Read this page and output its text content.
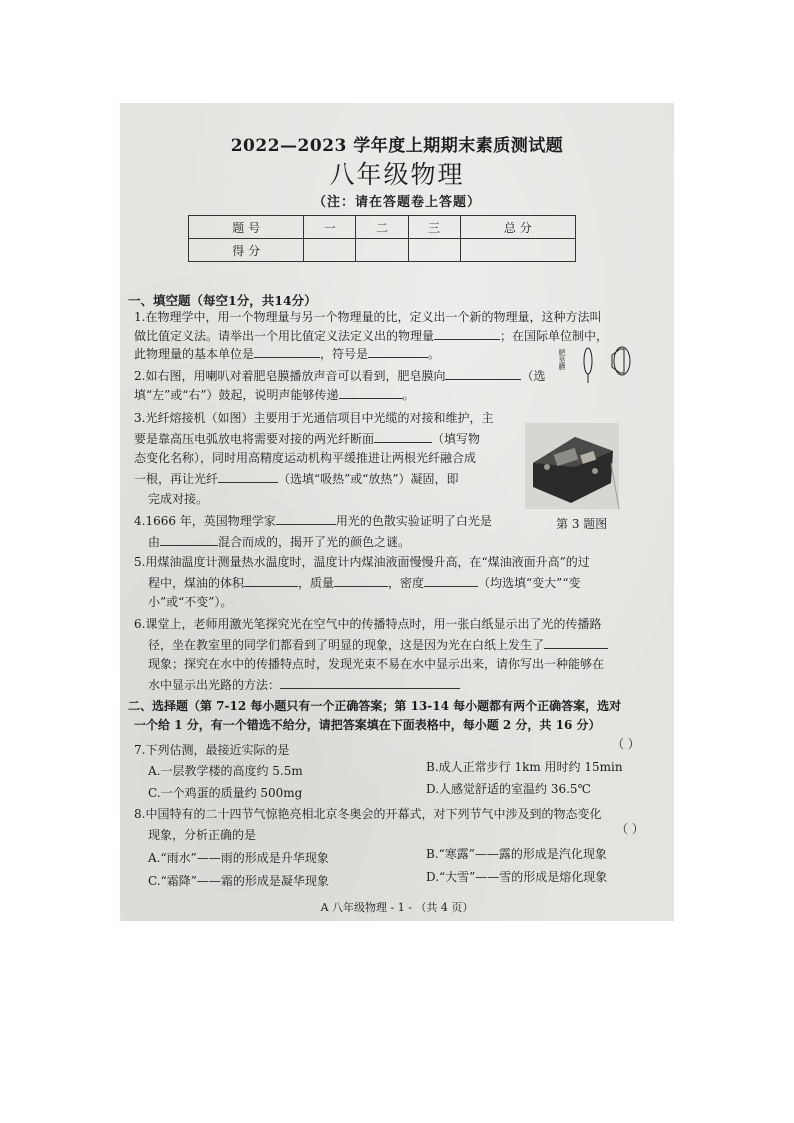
2022—2023 学年度上期期末素质测试题
八年级物理
（注：请在答题卷上答题）
题 号	一	二	三	总 分
得 分				
一、填空题（每空1分，共14分）
1.在物理学中，用一个物理量与另一个物理量的比，定义出一个新的物理量，这种方法叫
做比值定义法。请举出一个用比值定义法定义出的物理量	；在国际单位制中，
此物理量的基本单位是	，符号是	。
2.如右图，用喇叭对着肥皂膜播放声音可以看到，肥皂膜向	（选
填“左”或“右”）鼓起，说明声能够传递	。
肥皂膜
3.光纤熔接机（如图）主要用于光通信项目中光缆的对接和维护，主
要是靠高压电弧放电将需要对接的两光纤断面	（填写物
态变化名称），同时用高精度运动机构平缓推进让两根光纤融合成
一根，再让光纤	（选填“吸热”或“放热”）凝固，即
完成对接。
第 3 题图
4.1666 年，英国物理学家	用光的色散实验证明了白光是
由	混合而成的，揭开了光的颜色之谜。
5.用煤油温度计测量热水温度时，温度计内煤油液面慢慢升高，在“煤油液面升高”的过
程中，煤油的体积	，质量	，密度	（均选填“变大”“变
小”或“不变”）。
6.课堂上，老师用激光笔探究光在空气中的传播特点时，用一张白纸显示出了光的传播路
径，坐在教室里的同学们都看到了明显的现象，这是因为光在白纸上发生了
现象；探究在水中的传播特点时，发现光束不易在水中显示出来，请你写出一种能够在
水中显示出光路的方法：
二、选择题（第 7-12 每小题只有一个正确答案；第 13-14 每小题都有两个正确答案，选对
一个给 1 分，有一个错选不给分，请把答案填在下面表格中，每小题 2 分，共 16 分）
7.下列估测，最接近实际的是	（ ）
A.一层教学楼的高度约 5.5m	B.成人正常步行 1km 用时约 15min
C.一个鸡蛋的质量约 500mg	D.人感觉舒适的室温约 36.5℃
8.中国特有的二十四节气惊艳亮相北京冬奥会的开幕式，对下列节气中涉及到的物态变化
现象，分析正确的是	（ ）
A.“雨水”——雨的形成是升华现象	B.“寒露”——露的形成是汽化现象
C.“霜降”——霜的形成是凝华现象	D.“大雪”——雪的形成是熔化现象
A 八年级物理 - 1 - （共 4 页）
